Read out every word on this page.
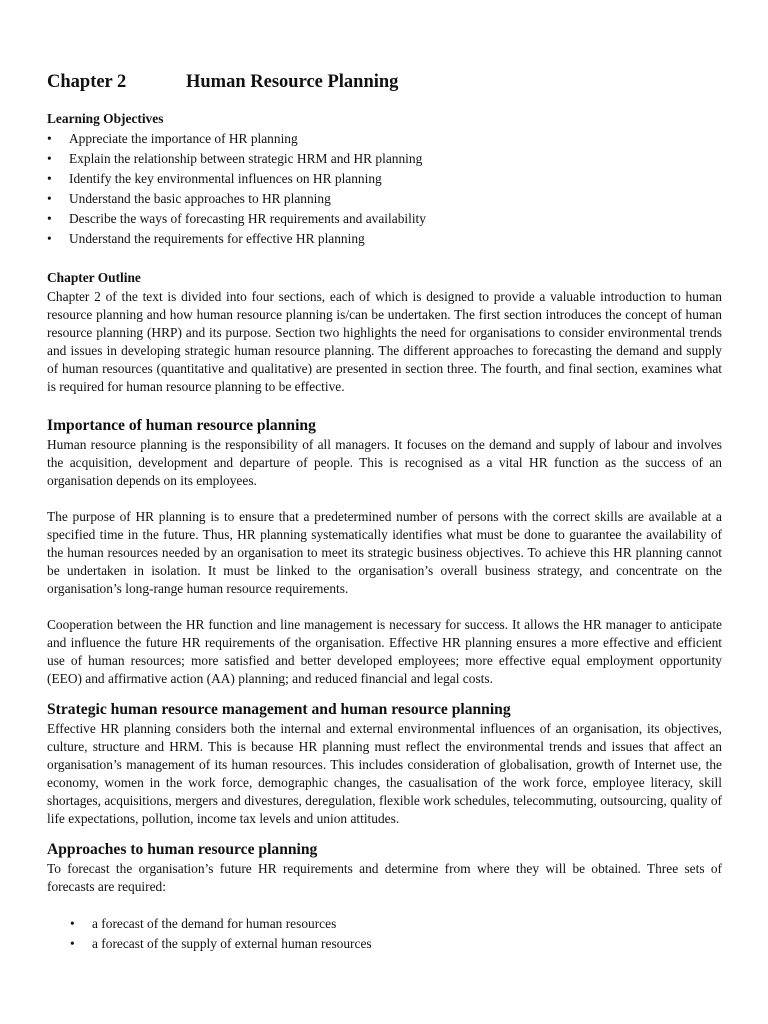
Chapter 2	Human Resource Planning
Learning Objectives
• Appreciate the importance of HR planning
• Explain the relationship between strategic HRM and HR planning
• Identify the key environmental influences on HR planning
• Understand the basic approaches to HR planning
• Describe the ways of forecasting HR requirements and availability
• Understand the requirements for effective HR planning
Chapter Outline

Chapter 2 of the text is divided into four sections, each of which is designed to provide a valuable introduction to human resource planning and how human resource planning is/can be undertaken. The first section introduces the concept of human resource planning (HRP) and its purpose. Section two highlights the need for organisations to consider environmental trends and issues in developing strategic human resource planning. The different approaches to forecasting the demand and supply of human resources (quantitative and qualitative) are presented in section three. The fourth, and final section, examines what is required for human resource planning to be effective.

Importance of human resource planning

Human resource planning is the responsibility of all managers. It focuses on the demand and supply of labour and involves the acquisition, development and departure of people. This is recognised as a vital HR function as the success of an organisation depends on its employees.

The purpose of HR planning is to ensure that a predetermined number of persons with the correct skills are available at a specified time in the future. Thus, HR planning systematically identifies what must be done to guarantee the availability of the human resources needed by an organisation to meet its strategic business objectives. To achieve this HR planning cannot be undertaken in isolation. It must be linked to the organisation’s overall business strategy, and concentrate on the organisation’s long-range human resource requirements.

Cooperation between the HR function and line management is necessary for success. It allows the HR manager to anticipate and influence the future HR requirements of the organisation. Effective HR planning ensures a more effective and efficient use of human resources; more satisfied and better developed employees; more effective equal employment opportunity (EEO) and affirmative action (AA) planning; and reduced financial and legal costs.

Strategic human resource management and human resource planning

Effective HR planning considers both the internal and external environmental influences of an organisation, its objectives, culture, structure and HRM. This is because HR planning must reflect the environmental trends and issues that affect an organisation’s management of its human resources. This includes consideration of globalisation, growth of Internet use, the economy, women in the work force, demographic changes, the casualisation of the work force, employee literacy, skill shortages, acquisitions, mergers and divestures, deregulation, flexible work schedules, telecommuting, outsourcing, quality of life expectations, pollution, income tax levels and union attitudes.

Approaches to human resource planning

To forecast the organisation’s future HR requirements and determine from where they will be obtained. Three sets of forecasts are required:

• a forecast of the demand for human resources
• a forecast of the supply of external human resources
